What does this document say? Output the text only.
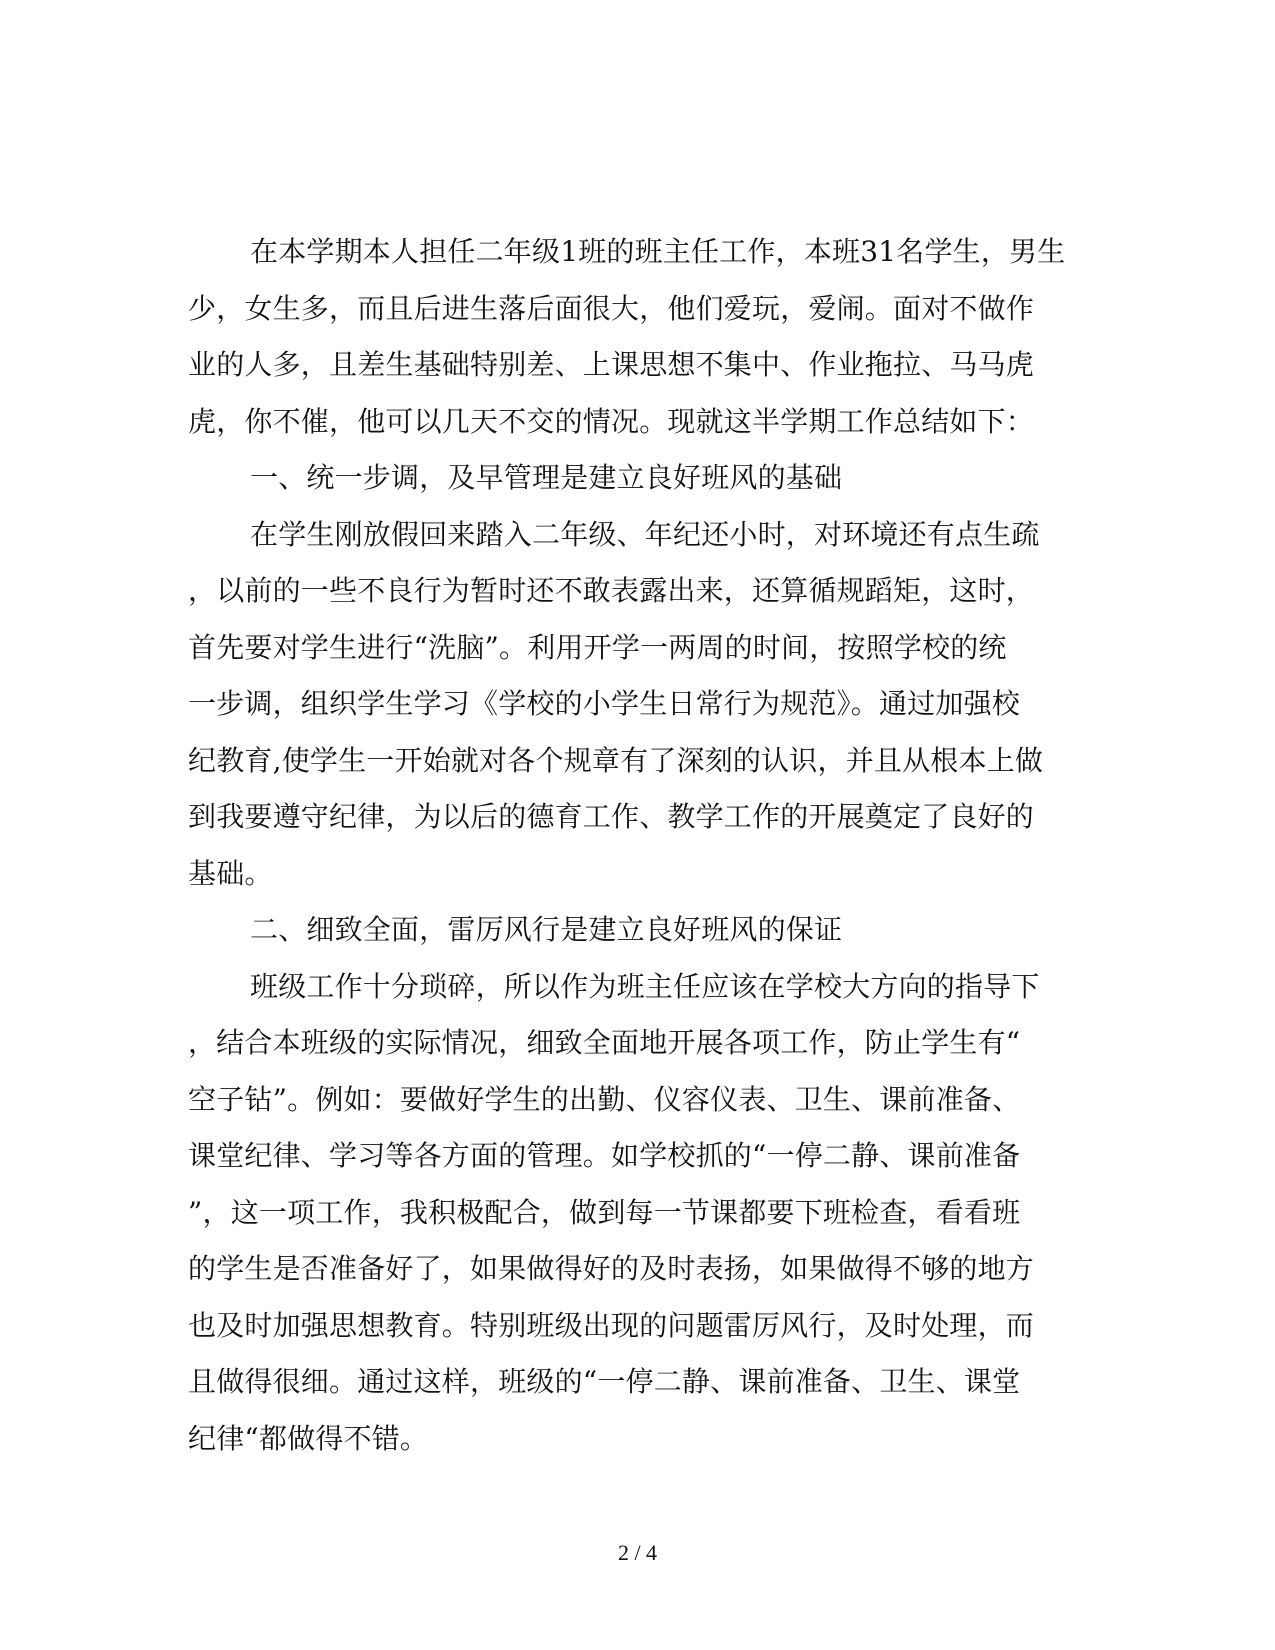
在本学期本人担任二年级1班的班主任工作，本班31名学生，男生
少，女生多，而且后进生落后面很大，他们爱玩，爱闹。面对不做作
业的人多，且差生基础特别差、上课思想不集中、作业拖拉、马马虎
虎，你不催，他可以几天不交的情况。现就这半学期工作总结如下：
一、统一步调，及早管理是建立良好班风的基础
在学生刚放假回来踏入二年级、年纪还小时，对环境还有点生疏
，以前的一些不良行为暂时还不敢表露出来，还算循规蹈矩，这时，
首先要对学生进行“洗脑”。利用开学一两周的时间，按照学校的统
一步调，组织学生学习《学校的小学生日常行为规范》。通过加强校
纪教育,使学生一开始就对各个规章有了深刻的认识，并且从根本上做
到我要遵守纪律，为以后的德育工作、教学工作的开展奠定了良好的
基础。
二、细致全面，雷厉风行是建立良好班风的保证
班级工作十分琐碎，所以作为班主任应该在学校大方向的指导下
，结合本班级的实际情况，细致全面地开展各项工作，防止学生有“
空子钻”。例如：要做好学生的出勤、仪容仪表、卫生、课前准备、
课堂纪律、学习等各方面的管理。如学校抓的“一停二静、课前准备
”，这一项工作，我积极配合，做到每一节课都要下班检查，看看班
的学生是否准备好了，如果做得好的及时表扬，如果做得不够的地方
也及时加强思想教育。特别班级出现的问题雷厉风行，及时处理，而
且做得很细。通过这样，班级的“一停二静、课前准备、卫生、课堂
纪律“都做得不错。
2 / 4
